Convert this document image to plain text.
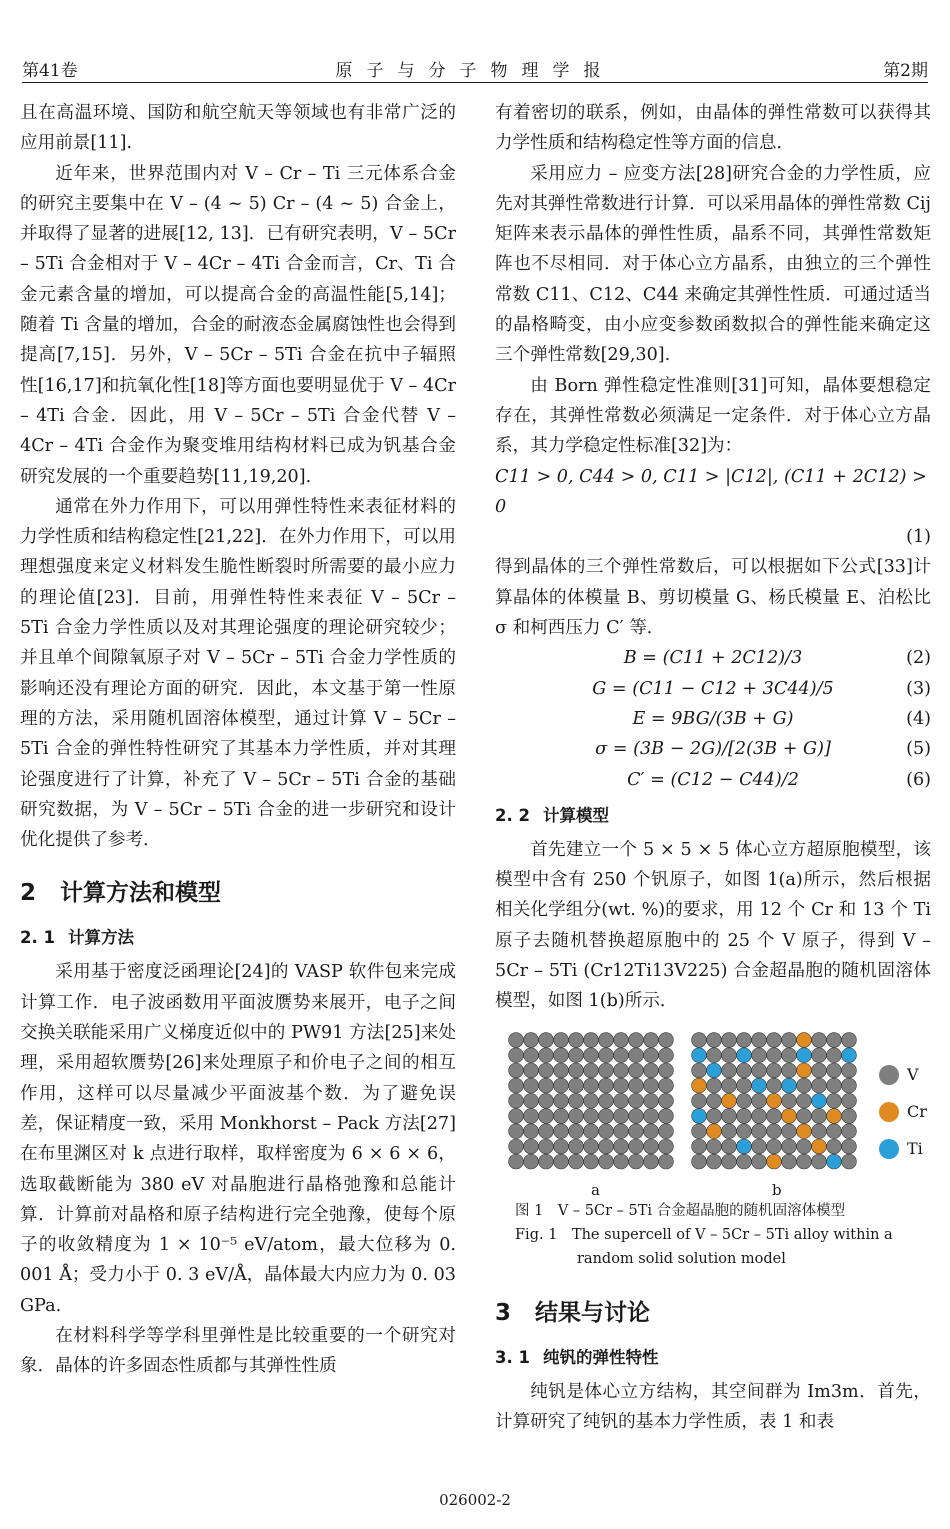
第41卷	原子与分子物理学报	第2期

且在高温环境、国防和航空航天等领域也有非常广泛的应用前景[11].

近年来，世界范围内对 V – Cr – Ti 三元体系合金的研究主要集中在 V – (4 ~ 5) Cr – (4 ~ 5) 合金上，并取得了显著的进展[12, 13]．已有研究表明，V – 5Cr – 5Ti 合金相对于 V – 4Cr – 4Ti 合金而言，Cr、Ti 合金元素含量的增加，可以提高合金的高温性能[5,14]；随着 Ti 含量的增加，合金的耐液态金属腐蚀性也会得到提高[7,15]．另外，V – 5Cr – 5Ti 合金在抗中子辐照性[16,17]和抗氧化性[18]等方面也要明显优于 V – 4Cr – 4Ti 合金．因此，用 V – 5Cr – 5Ti 合金代替 V – 4Cr – 4Ti 合金作为聚变堆用结构材料已成为钒基合金研究发展的一个重要趋势[11,19,20].

通常在外力作用下，可以用弹性特性来表征材料的力学性质和结构稳定性[21,22]．在外力作用下，可以用理想强度来定义材料发生脆性断裂时所需要的最小应力的理论值[23]．目前，用弹性特性来表征 V – 5Cr – 5Ti 合金力学性质以及对其理论强度的理论研究较少；并且单个间隙氧原子对 V – 5Cr – 5Ti 合金力学性质的影响还没有理论方面的研究．因此，本文基于第一性原理的方法，采用随机固溶体模型，通过计算 V – 5Cr – 5Ti 合金的弹性特性研究了其基本力学性质，并对其理论强度进行了计算，补充了 V – 5Cr – 5Ti 合金的基础研究数据，为 V – 5Cr – 5Ti 合金的进一步研究和设计优化提供了参考．

2 计算方法和模型
2. 1 计算方法

采用基于密度泛函理论[24]的 VASP 软件包来完成计算工作．电子波函数用平面波赝势来展开，电子之间交换关联能采用广义梯度近似中的 PW91 方法[25]来处理，采用超软赝势[26]来处理原子和价电子之间的相互作用，这样可以尽量减少平面波基个数．为了避免误差，保证精度一致，采用 Monkhorst – Pack 方法[27]在布里渊区对 k 点进行取样，取样密度为 6 × 6 × 6，选取截断能为 380 eV 对晶胞进行晶格弛豫和总能计算．计算前对晶格和原子结构进行完全弛豫，使每个原子的收敛精度为 1 × 10⁻⁵ eV/atom，最大位移为 0. 001 Å；受力小于 0. 3 eV/Å，晶体最大内应力为 0. 03 GPa.

在材料科学等学科里弹性是比较重要的一个研究对象．晶体的许多固态性质都与其弹性性质

有着密切的联系，例如，由晶体的弹性常数可以获得其力学性质和结构稳定性等方面的信息．

采用应力 – 应变方法[28]研究合金的力学性质，应先对其弹性常数进行计算．可以采用晶体的弹性常数 Cij 矩阵来表示晶体的弹性性质，晶系不同，其弹性常数矩阵也不尽相同．对于体心立方晶系，由独立的三个弹性常数 C11、C12、C44 来确定其弹性性质．可通过适当的晶格畸变，由小应变参数函数拟合的弹性能来确定这三个弹性常数[29,30].

由 Born 弹性稳定性准则[31]可知，晶体要想稳定存在，其弹性常数必须满足一定条件．对于体心立方晶系，其力学稳定性标准[32]为：

C11 > 0, C44 > 0, C11 > |C12|, (C11 + 2C12) > 0
(1)

得到晶体的三个弹性常数后，可以根据如下公式[33]计算晶体的体模量 B、剪切模量 G、杨氏模量 E、泊松比 σ 和柯西压力 C′ 等．

B = (C11 + 2C12)/3	(2)
G = (C11 − C12 + 3C44)/5	(3)
E = 9BG/(3B + G)	(4)
σ = (3B − 2G)/[2(3B + G)]	(5)
C′ = (C12 − C44)/2	(6)
2. 2 计算模型

首先建立一个 5 × 5 × 5 体心立方超原胞模型，该模型中含有 250 个钒原子，如图 1(a)所示，然后根据相关化学组分(wt. %)的要求，用 12 个 Cr 和 13 个 Ti 原子去随机替换超原胞中的 25 个 V 原子，得到 V – 5Cr – 5Ti (Cr12Ti13V225) 合金超晶胞的随机固溶体模型，如图 1(b)所示．

a	b
V
Cr
Ti
图 1　V – 5Cr – 5Ti 合金超晶胞的随机固溶体模型
Fig. 1　The supercell of V – 5Cr – 5Ti alloy within a
random solid solution model
3 结果与讨论
3. 1 纯钒的弹性特性

纯钒是体心立方结构，其空间群为 Im3m．首先，计算研究了纯钒的基本力学性质，表 1 和表

026002-2
